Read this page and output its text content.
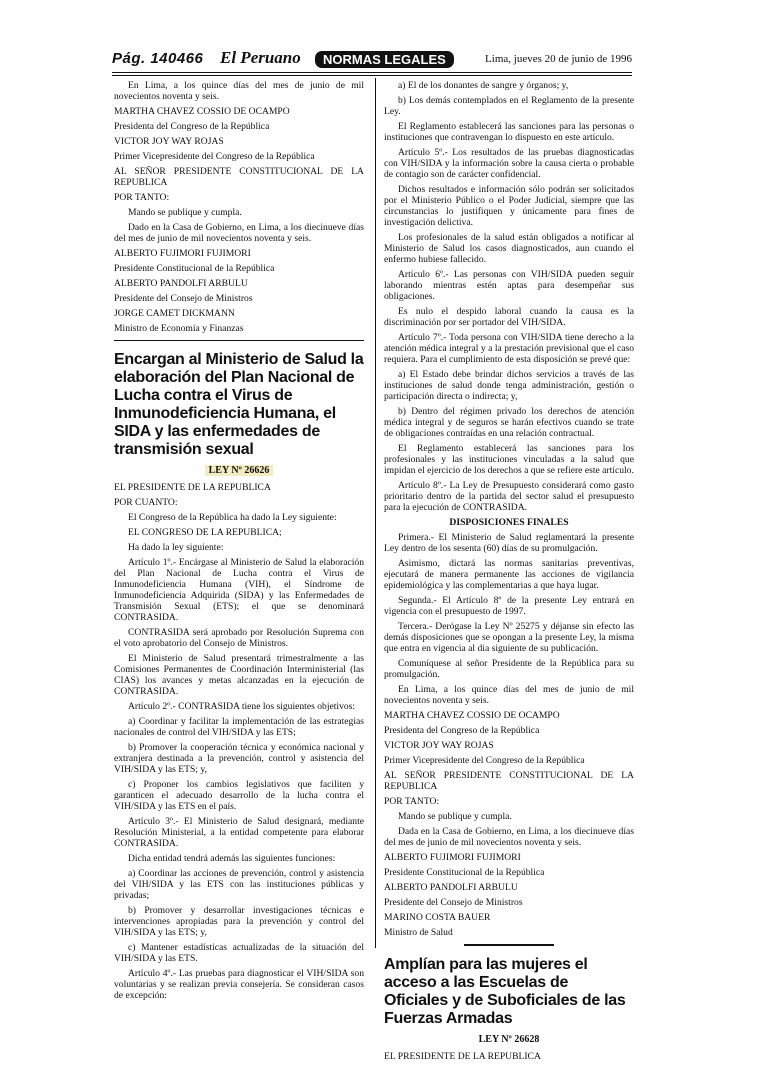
Pág. 140466 El Peruano	NORMAS LEGALES	Lima, jueves 20 de junio de 1996

En Lima, a los quince días del mes de junio de mil novecientos noventa y seis.

MARTHA CHAVEZ COSSIO DE OCAMPO

Presidenta del Congreso de la República

VICTOR JOY WAY ROJAS

Primer Vicepresidente del Congreso de la República

AL SEÑOR PRESIDENTE CONSTITUCIONAL DE LA REPUBLICA

POR TANTO:

Mando se publique y cumpla.

Dado en la Casa de Gobierno, en Lima, a los diecinueve días del mes de junio de mil novecientos noventa y seis.

ALBERTO FUJIMORI FUJIMORI

Presidente Constitucional de la República

ALBERTO PANDOLFI ARBULU

Presidente del Consejo de Ministros

JORGE CAMET DICKMANN

Ministro de Economía y Finanzas

Encargan al Ministerio de Salud la elaboración del Plan Nacional de Lucha contra el Virus de Inmunodeficiencia Humana, el SIDA y las enfermedades de transmisión sexual
LEY Nº 26626

EL PRESIDENTE DE LA REPUBLICA

POR CUANTO:

El Congreso de la República ha dado la Ley siguiente:

EL CONGRESO DE LA REPUBLICA;

Ha dado la ley siguiente:

Artículo 1º.- Encárgase al Ministerio de Salud la elaboración del Plan Nacional de Lucha contra el Virus de Inmunodeficiencia Humana (VIH), el Síndrome de Inmunodeficiencia Adquirida (SIDA) y las Enfermedades de Transmisión Sexual (ETS); el que se denominará CONTRASIDA.

CONTRASIDA será aprobado por Resolución Suprema con el voto aprobatorio del Consejo de Ministros.

El Ministerio de Salud presentará trimestralmente a las Comisiones Permanentes de Coordinación Interministerial (las CIAS) los avances y metas alcanzadas en la ejecución de CONTRASIDA.

Artículo 2º.- CONTRASIDA tiene los siguientes objetivos:

a) Coordinar y facilitar la implementación de las estrategias nacionales de control del VIH/SIDA y las ETS;

b) Promover la cooperación técnica y económica nacional y extranjera destinada a la prevención, control y asistencia del VIH/SIDA y las ETS; y,

c) Proponer los cambios legislativos que faciliten y garanticen el adecuado desarrollo de la lucha contra el VIH/SIDA y las ETS en el país.

Artículo 3º.- El Ministerio de Salud designará, mediante Resolución Ministerial, a la entidad competente para elaborar CONTRASIDA.

Dicha entidad tendrá además las siguientes funciones:

a) Coordinar las acciones de prevención, control y asistencia del VIH/SIDA y las ETS con las instituciones públicas y privadas;

b) Promover y desarrollar investigaciones técnicas e intervenciones apropiadas para la prevención y control del VIH/SIDA y las ETS; y,

c) Mantener estadísticas actualizadas de la situación del VIH/SIDA y las ETS.

Artículo 4º.- Las pruebas para diagnosticar el VIH/SIDA son voluntarias y se realizan previa consejería. Se consideran casos de excepción:

a) El de los donantes de sangre y órganos; y,

b) Los demás contemplados en el Reglamento de la presente Ley.

El Reglamento establecerá las sanciones para las personas o instituciones que contravengan lo dispuesto en este artículo.

Artículo 5º.- Los resultados de las pruebas diagnosticadas con VIH/SIDA y la información sobre la causa cierta o probable de contagio son de carácter confidencial.

Dichos resultados e información sólo podrán ser solicitados por el Ministerio Público o el Poder Judicial, siempre que las circunstancias lo justifiquen y únicamente para fines de investigación delictiva.

Los profesionales de la salud están obligados a notificar al Ministerio de Salud los casos diagnosticados, aun cuando el enfermo hubiese fallecido.

Artículo 6º.- Las personas con VIH/SIDA pueden seguir laborando mientras estén aptas para desempeñar sus obligaciones.

Es nulo el despido laboral cuando la causa es la discriminación por ser portador del VIH/SIDA.

Artículo 7º.- Toda persona con VIH/SIDA tiene derecho a la atención médica integral y a la prestación previsional que el caso requiera. Para el cumplimiento de esta disposición se prevé que:

a) El Estado debe brindar dichos servicios a través de las instituciones de salud donde tenga administración, gestión o participación directa o indirecta; y,

b) Dentro del régimen privado los derechos de atención médica integral y de seguros se harán efectivos cuando se trate de obligaciones contraídas en una relación contractual.

El Reglamento establecerá las sanciones para los profesionales y las instituciones vinculadas a la salud que impidan el ejercicio de los derechos a que se refiere este artículo.

Artículo 8º.- La Ley de Presupuesto considerará como gasto prioritario dentro de la partida del sector salud el presupuesto para la ejecución de CONTRASIDA.

DISPOSICIONES FINALES

Primera.- El Ministerio de Salud reglamentará la presente Ley dentro de los sesenta (60) días de su promulgación.

Asimismo, dictará las normas sanitarias preventivas, ejecutará de manera permanente las acciones de vigilancia epidemiológica y las complementarias a que haya lugar.

Segunda.- El Artículo 8º de la presente Ley entrará en vigencia con el presupuesto de 1997.

Tercera.- Derógase la Ley Nº 25275 y déjanse sin efecto las demás disposiciones que se opongan a la presente Ley, la misma que entra en vigencia al día siguiente de su publicación.

Comuníquese al señor Presidente de la República para su promulgación.

En Lima, a los quince días del mes de junio de mil novecientos noventa y seis.

MARTHA CHAVEZ COSSIO DE OCAMPO

Presidenta del Congreso de la República

VICTOR JOY WAY ROJAS

Primer Vicepresidente del Congreso de la República

AL SEÑOR PRESIDENTE CONSTITUCIONAL DE LA REPUBLICA

POR TANTO:

Mando se publique y cumpla.

Dada en la Casa de Gobierno, en Lima, a los diecinueve días del mes de junio de mil novecientos noventa y seis.

ALBERTO FUJIMORI FUJIMORI

Presidente Constitucional de la República

ALBERTO PANDOLFI ARBULU

Presidente del Consejo de Ministros

MARINO COSTA BAUER

Ministro de Salud

Amplían para las mujeres el acceso a las Escuelas de Oficiales y de Suboficiales de las Fuerzas Armadas
LEY Nº 26628

EL PRESIDENTE DE LA REPUBLICA
